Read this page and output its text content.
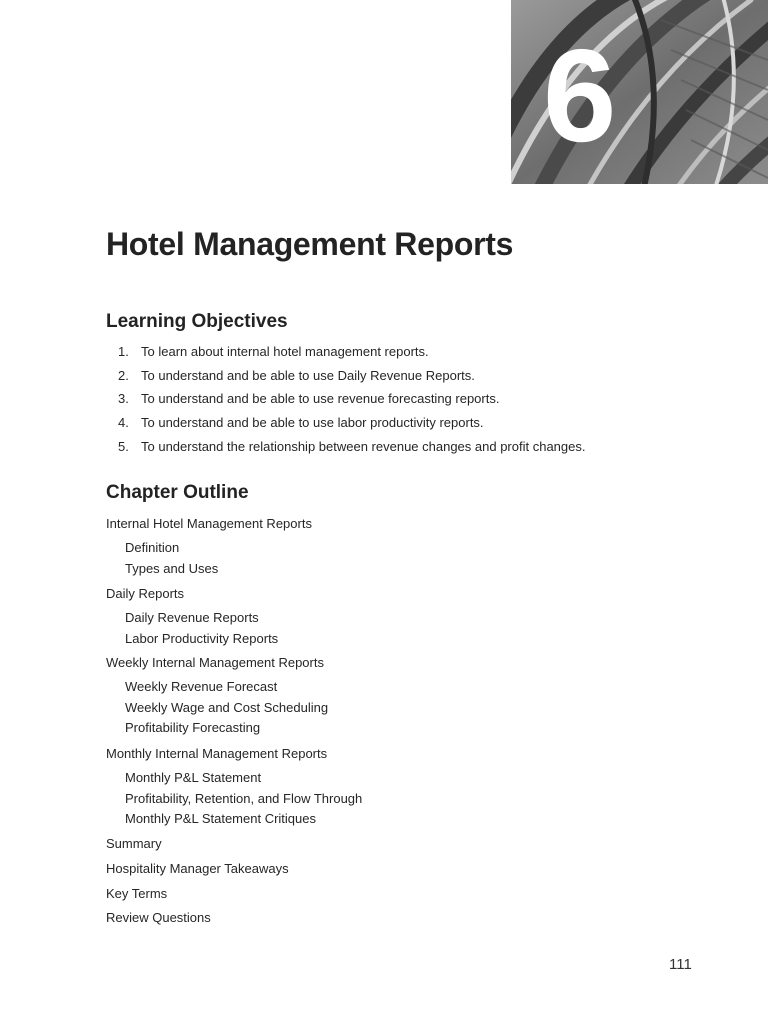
6
Hotel Management Reports
Learning Objectives
1. To learn about internal hotel management reports.
2. To understand and be able to use Daily Revenue Reports.
3. To understand and be able to use revenue forecasting reports.
4. To understand and be able to use labor productivity reports.
5. To understand the relationship between revenue changes and profit changes.
Chapter Outline
Internal Hotel Management Reports
Definition
Types and Uses
Daily Reports
Daily Revenue Reports
Labor Productivity Reports
Weekly Internal Management Reports
Weekly Revenue Forecast
Weekly Wage and Cost Scheduling
Profitability Forecasting
Monthly Internal Management Reports
Monthly P&L Statement
Profitability, Retention, and Flow Through
Monthly P&L Statement Critiques
Summary
Hospitality Manager Takeaways
Key Terms
Review Questions
111
